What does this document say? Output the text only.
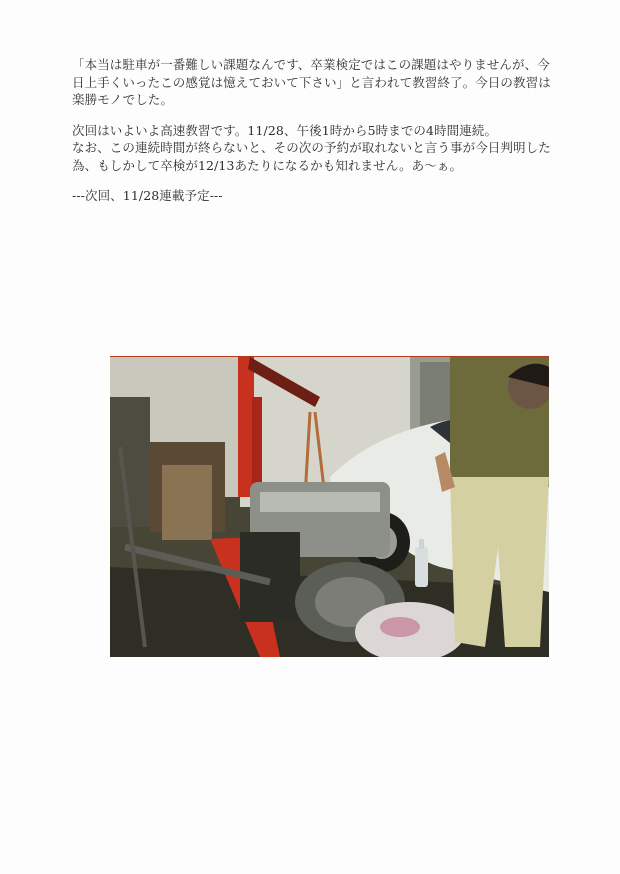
「本当は駐車が一番難しい課題なんです、卒業検定ではこの課題はやりませんが、今
日上手くいったこの感覚は憶えておいて下さい」と言われて教習終了。今日の教習は
楽勝モノでした。

次回はいよいよ高速教習です。11/28、午後1時から5時までの4時間連続。
なお、この連続時間が終らないと、その次の予約が取れないと言う事が今日判明した
為、もしかして卒検が12/13あたりになるかも知れません。あ～ぁ。

---次回、11/28連載予定---
